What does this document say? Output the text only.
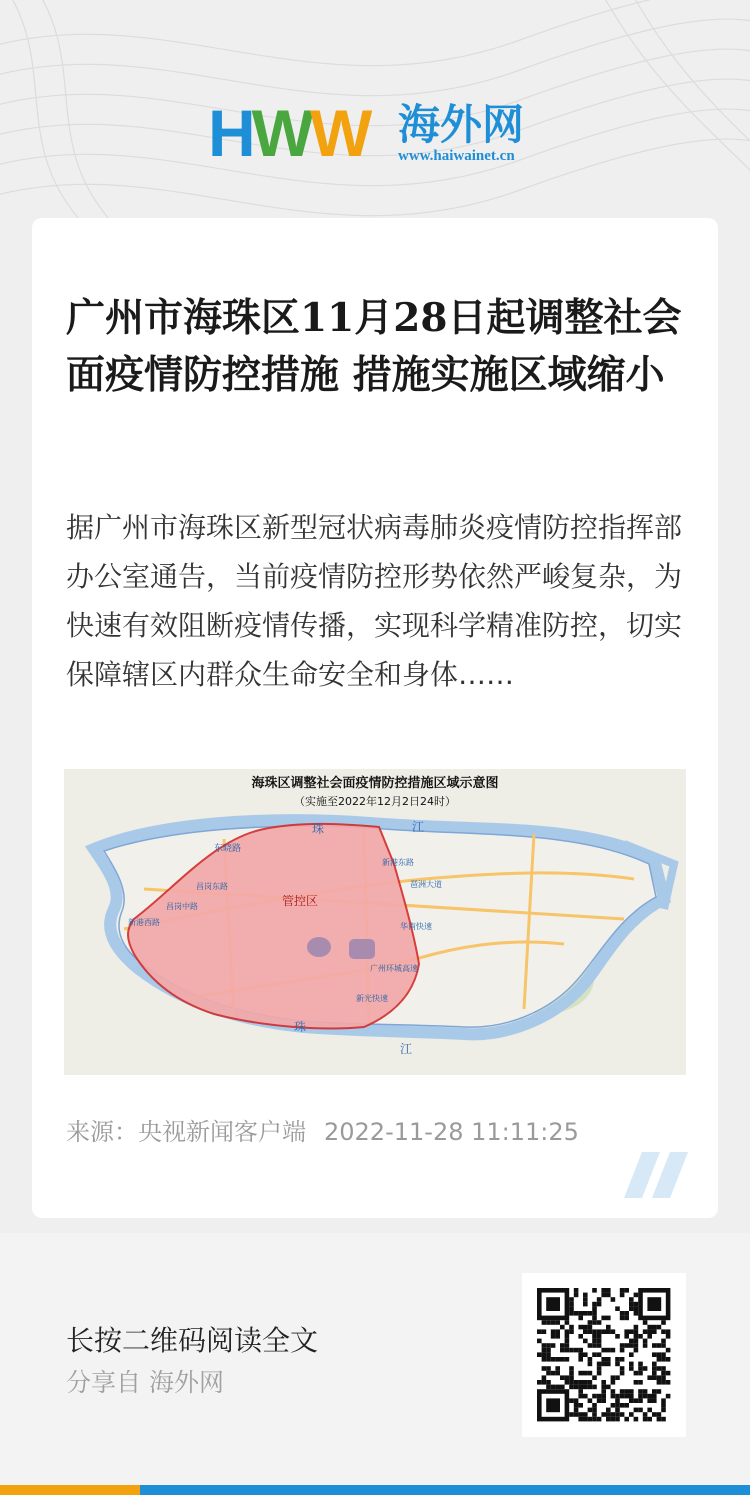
HWW 海外网
www.haiwainet.cn
广州市海珠区11月28日起调整社会面疫情防控措施 措施实施区域缩小

据广州市海珠区新型冠状病毒肺炎疫情防控指挥部办公室通告，当前疫情防控形势依然严峻复杂，为快速有效阻断疫情传播，实现科学精准防控，切实保障辖区内群众生命安全和身体……

海珠区调整社会面疫情防控措施区域示意图
（实施至2022年12月2日24时）
管控区
珠	江
珠
江
东晓路
新港西路
昌岗中路
昌岗东路
新港东路
琶洲大道
华南快速
广州环城高速
新光快速
来源：央视新闻客户端 2022-11-28 11:11:25
长按二维码阅读全文
分享自 海外网
